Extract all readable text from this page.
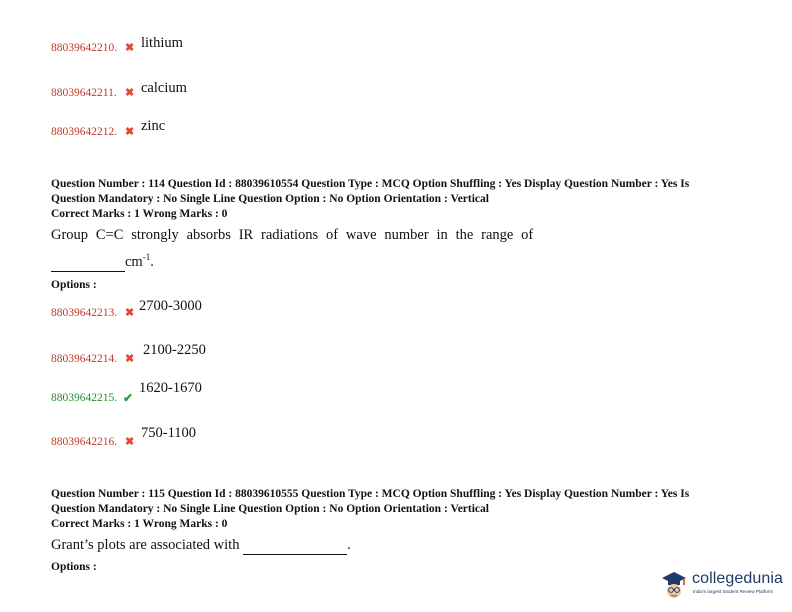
88039642210. ✖ lithium
88039642211. ✖ calcium
88039642212. ✖ zinc
Question Number : 114 Question Id : 88039610554 Question Type : MCQ Option Shuffling : Yes Display Question Number : Yes Is
Question Mandatory : No Single Line Question Option : No Option Orientation : Vertical
Correct Marks : 1 Wrong Marks : 0
Group C=C strongly absorbs IR radiations of wave number in the range of
$cm^{-1}$.
Options :
88039642213. ✖ 2700-3000
88039642214. ✖
2100-2250
88039642215. ✔
1620-1670
88039642216. ✖
750-1100
Question Number : 115 Question Id : 88039610555 Question Type : MCQ Option Shuffling : Yes Display Question Number : Yes Is
Question Mandatory : No Single Line Question Option : No Option Orientation : Vertical
Correct Marks : 1 Wrong Marks : 0
Grant’s plots are associated with	.
Options :
collegedunia
India's largest Student Review Platform
